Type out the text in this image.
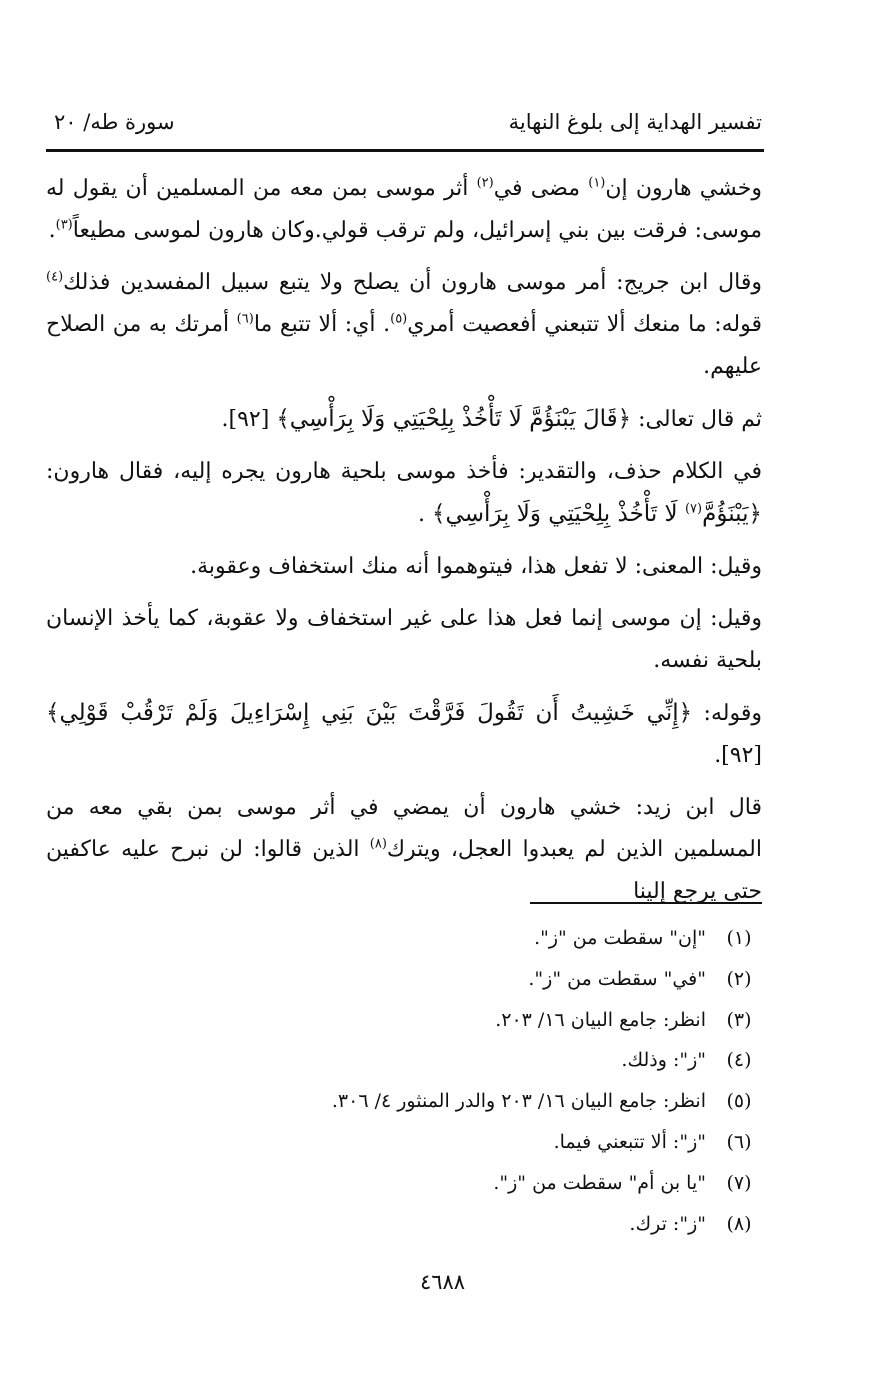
تفسير الهداية إلى بلوغ النهاية
سورة طه/ ٢٠

وخشي هارون إن$^{(١)}$ مضى في$^{(٢)}$ أثر موسى بمن معه من المسلمين أن يقول له موسى: فرقت بين بني إسرائيل، ولم ترقب قولي.وكان هارون لموسى مطيعاً$^{(٣)}$.

وقال ابن جريج: أمر موسى هارون أن يصلح ولا يتبع سبيل المفسدين فذلك$^{(٤)}$ قوله: ما منعك ألا تتبعني أفعصيت أمري$^{(٥)}$. أي: ألا تتبع ما$^{(٦)}$ أمرتك به من الصلاح عليهم.

ثم قال تعالى: ﴿قَالَ يَبْنَؤُمَّ لَا تَأْخُذْ بِلِحْيَتِي وَلَا بِرَأْسِي﴾ [٩٢].

في الكلام حذف، والتقدير: فأخذ موسى بلحية هارون يجره إليه، فقال هارون: ﴿يَبْنَؤُمَّ$^{(٧)}$ لَا تَأْخُذْ بِلِحْيَتِي وَلَا بِرَأْسِي﴾ .

وقيل: المعنى: لا تفعل هذا، فيتوهموا أنه منك استخفاف وعقوبة.

وقيل: إن موسى إنما فعل هذا على غير استخفاف ولا عقوبة، كما يأخذ الإنسان بلحية نفسه.

وقوله: ﴿إِنِّي خَشِيتُ أَن تَقُولَ فَرَّقْتَ بَيْنَ بَنِي إِسْرَاءِيلَ وَلَمْ تَرْقُبْ قَوْلِي﴾ [٩٢].

قال ابن زيد: خشي هارون أن يمضي في أثر موسى بمن بقي معه من المسلمين الذين لم يعبدوا العجل، ويترك$^{(٨)}$ الذين قالوا: لن نبرح عليه عاكفين حتى يرجع إلينا

(١)"إن" سقطت من "ز".
(٢)"في" سقطت من "ز".
(٣)انظر: جامع البيان ١٦/ ٢٠٣.
(٤)"ز": وذلك.
(٥)انظر: جامع البيان ١٦/ ٢٠٣ والدر المنثور ٤/ ٣٠٦.
(٦)"ز": ألا تتبعني فيما.
(٧)"يا بن أم" سقطت من "ز".
(٨)"ز": ترك.
٤٦٨٨
